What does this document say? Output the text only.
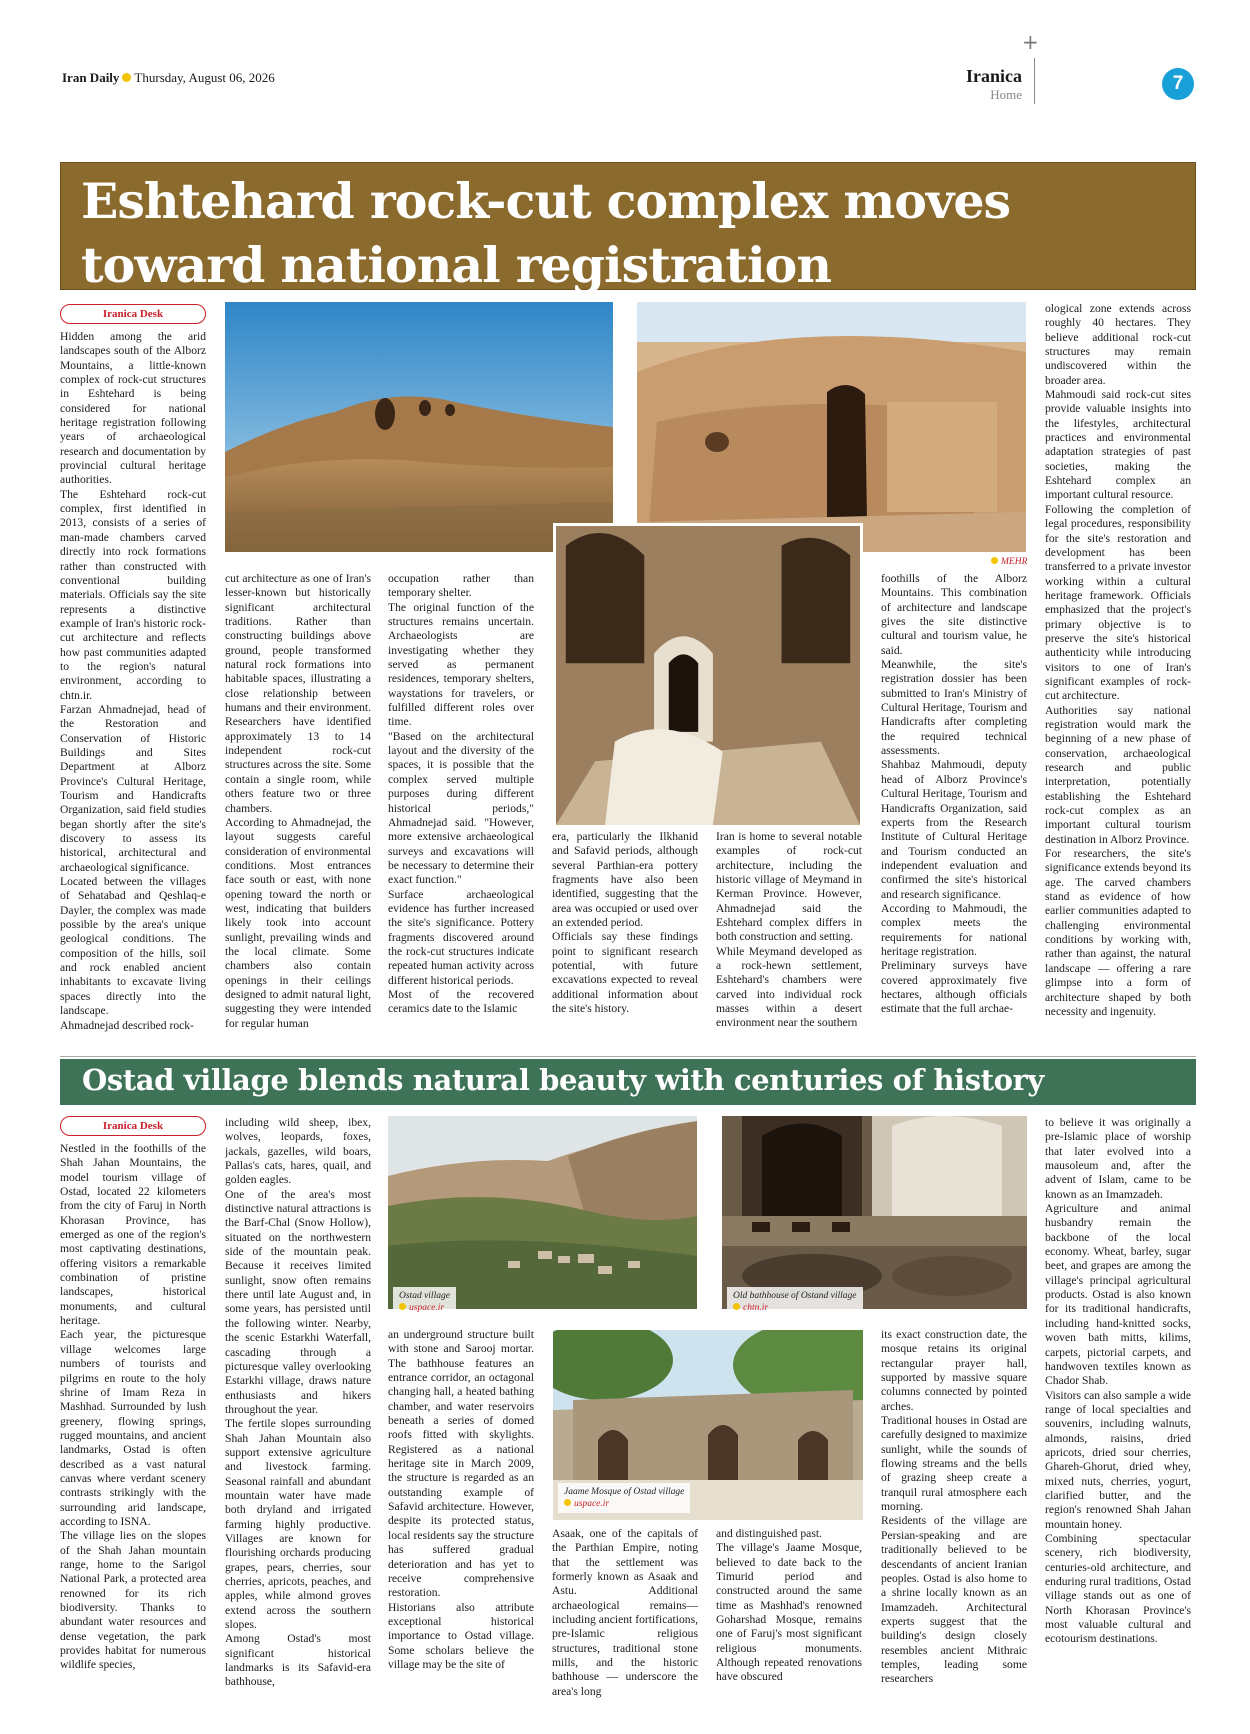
+
Iran Daily Thursday, August 06, 2026	Iranica
Home
7
Eshtehard rock-cut complex moves toward national registration
Iranica Desk
MEHR

Hidden among the arid landscapes south of the Alborz Mountains, a little-known complex of rock-cut structures in Eshtehard is being considered for national heritage registration following years of archaeological research and documentation by provincial cultural heritage authorities.

The Eshtehard rock-cut complex, first identified in 2013, consists of a series of man-made chambers carved directly into rock formations rather than constructed with conventional building materials. Officials say the site represents a distinctive example of Iran's historic rock-cut architecture and reflects how past communities adapted to the region's natural environment, according to chtn.ir.

Farzan Ahmadnejad, head of the Restoration and Conservation of Historic Buildings and Sites Department at Alborz Province's Cultural Heritage, Tourism and Handicrafts Organization, said field studies began shortly after the site's discovery to assess its historical, architectural and archaeological significance.

Located between the villages of Sehatabad and Qeshlaq-e Dayler, the complex was made possible by the area's unique geological conditions. The composition of the hills, soil and rock enabled ancient inhabitants to excavate living spaces directly into the landscape.

Ahmadnejad described rock-

cut architecture as one of Iran's lesser-known but historically significant architectural traditions. Rather than constructing buildings above ground, people transformed natural rock formations into habitable spaces, illustrating a close relationship between humans and their environment. Researchers have identified approximately 13 to 14 independent rock-cut structures across the site. Some contain a single room, while others feature two or three chambers.

According to Ahmadnejad, the layout suggests careful consideration of environmental conditions. Most entrances face south or east, with none opening toward the north or west, indicating that builders likely took into account sunlight, prevailing winds and the local climate. Some chambers also contain openings in their ceilings designed to admit natural light, suggesting they were intended for regular human

occupation rather than temporary shelter.

The original function of the structures remains uncertain. Archaeologists are investigating whether they served as permanent residences, temporary shelters, waystations for travelers, or fulfilled different roles over time.

"Based on the architectural layout and the diversity of the spaces, it is possible that the complex served multiple purposes during different historical periods," Ahmadnejad said. "However, more extensive archaeological surveys and excavations will be necessary to determine their exact function."

Surface archaeological evidence has further increased the site's significance. Pottery fragments discovered around the rock-cut structures indicate repeated human activity across different historical periods.

Most of the recovered ceramics date to the Islamic

era, particularly the Ilkhanid and Safavid periods, although several Parthian-era pottery fragments have also been identified, suggesting that the area was occupied or used over an extended period.

Officials say these findings point to significant research potential, with future excavations expected to reveal additional information about the site's history.

Iran is home to several notable examples of rock-cut architecture, including the historic village of Meymand in Kerman Province. However, Ahmadnejad said the Eshtehard complex differs in both construction and setting.

While Meymand developed as a rock-hewn settlement, Eshtehard's chambers were carved into individual rock masses within a desert environment near the southern

foothills of the Alborz Mountains. This combination of architecture and landscape gives the site distinctive cultural and tourism value, he said.

Meanwhile, the site's registration dossier has been submitted to Iran's Ministry of Cultural Heritage, Tourism and Handicrafts after completing the required technical assessments.

Shahbaz Mahmoudi, deputy head of Alborz Province's Cultural Heritage, Tourism and Handicrafts Organization, said experts from the Research Institute of Cultural Heritage and Tourism conducted an independent evaluation and confirmed the site's historical and research significance.

According to Mahmoudi, the complex meets the requirements for national heritage registration.

Preliminary surveys have covered approximately five hectares, although officials estimate that the full archae-

ological zone extends across roughly 40 hectares. They believe additional rock-cut structures may remain undiscovered within the broader area.

Mahmoudi said rock-cut sites provide valuable insights into the lifestyles, architectural practices and environmental adaptation strategies of past societies, making the Eshtehard complex an important cultural resource.

Following the completion of legal procedures, responsibility for the site's restoration and development has been transferred to a private investor working within a cultural heritage framework. Officials emphasized that the project's primary objective is to preserve the site's historical authenticity while introducing visitors to one of Iran's significant examples of rock-cut architecture.

Authorities say national registration would mark the beginning of a new phase of conservation, archaeological research and public interpretation, potentially establishing the Eshtehard rock-cut complex as an important cultural tourism destination in Alborz Province.

For researchers, the site's significance extends beyond its age. The carved chambers stand as evidence of how earlier communities adapted to challenging environmental conditions by working with, rather than against, the natural landscape — offering a rare glimpse into a form of architecture shaped by both necessity and ingenuity.

Ostad village blends natural beauty with centuries of history
Iranica Desk
Ostad village
uspace.ir
Old bathhouse of Ostand village
chtn.ir
Jaame Mosque of Ostad village
uspace.ir

Nestled in the foothills of the Shah Jahan Mountains, the model tourism village of Ostad, located 22 kilometers from the city of Faruj in North Khorasan Province, has emerged as one of the region's most captivating destinations, offering visitors a remarkable combination of pristine landscapes, historical monuments, and cultural heritage.

Each year, the picturesque village welcomes large numbers of tourists and pilgrims en route to the holy shrine of Imam Reza in Mashhad. Surrounded by lush greenery, flowing springs, rugged mountains, and ancient landmarks, Ostad is often described as a vast natural canvas where verdant scenery contrasts strikingly with the surrounding arid landscape, according to ISNA.

The village lies on the slopes of the Shah Jahan mountain range, home to the Sarigol National Park, a protected area renowned for its rich biodiversity. Thanks to abundant water resources and dense vegetation, the park provides habitat for numerous wildlife species,

including wild sheep, ibex, wolves, leopards, foxes, jackals, gazelles, wild boars, Pallas's cats, hares, quail, and golden eagles.

One of the area's most distinctive natural attractions is the Barf-Chal (Snow Hollow), situated on the northwestern side of the mountain peak. Because it receives limited sunlight, snow often remains there until late August and, in some years, has persisted until the following winter. Nearby, the scenic Estarkhi Waterfall, cascading through a picturesque valley overlooking Estarkhi village, draws nature enthusiasts and hikers throughout the year.

The fertile slopes surrounding Shah Jahan Mountain also support extensive agriculture and livestock farming. Seasonal rainfall and abundant mountain water have made both dryland and irrigated farming highly productive. Villages are known for flourishing orchards producing grapes, pears, cherries, sour cherries, apricots, peaches, and apples, while almond groves extend across the southern slopes.

Among Ostad's most significant historical landmarks is its Safavid-era bathhouse,

an underground structure built with stone and Sarooj mortar. The bathhouse features an entrance corridor, an octagonal changing hall, a heated bathing chamber, and water reservoirs beneath a series of domed roofs fitted with skylights. Registered as a national heritage site in March 2009, the structure is regarded as an outstanding example of Safavid architecture. However, despite its protected status, local residents say the structure has suffered gradual deterioration and has yet to receive comprehensive restoration.

Historians also attribute exceptional historical importance to Ostad village. Some scholars believe the village may be the site of

Asaak, one of the capitals of the Parthian Empire, noting that the settlement was formerly known as Asaak and Astu. Additional archaeological remains—including ancient fortifications, pre-Islamic religious structures, traditional stone mills, and the historic bathhouse — underscore the area's long

and distinguished past.

The village's Jaame Mosque, believed to date back to the Timurid period and constructed around the same time as Mashhad's renowned Goharshad Mosque, remains one of Faruj's most significant religious monuments. Although repeated renovations have obscured

its exact construction date, the mosque retains its original rectangular prayer hall, supported by massive square columns connected by pointed arches.

Traditional houses in Ostad are carefully designed to maximize sunlight, while the sounds of flowing streams and the bells of grazing sheep create a tranquil rural atmosphere each morning.

Residents of the village are Persian-speaking and are traditionally believed to be descendants of ancient Iranian peoples. Ostad is also home to a shrine locally known as an Imamzadeh. Architectural experts suggest that the building's design closely resembles ancient Mithraic temples, leading some researchers

to believe it was originally a pre-Islamic place of worship that later evolved into a mausoleum and, after the advent of Islam, came to be known as an Imamzadeh.

Agriculture and animal husbandry remain the backbone of the local economy. Wheat, barley, sugar beet, and grapes are among the village's principal agricultural products. Ostad is also known for its traditional handicrafts, including hand-knitted socks, woven bath mitts, kilims, carpets, pictorial carpets, and handwoven textiles known as Chador Shab.

Visitors can also sample a wide range of local specialties and souvenirs, including walnuts, almonds, raisins, dried apricots, dried sour cherries, Ghareh-Ghorut, dried whey, mixed nuts, cherries, yogurt, clarified butter, and the region's renowned Shah Jahan mountain honey.

Combining spectacular scenery, rich biodiversity, centuries-old architecture, and enduring rural traditions, Ostad village stands out as one of North Khorasan Province's most valuable cultural and ecotourism destinations.
